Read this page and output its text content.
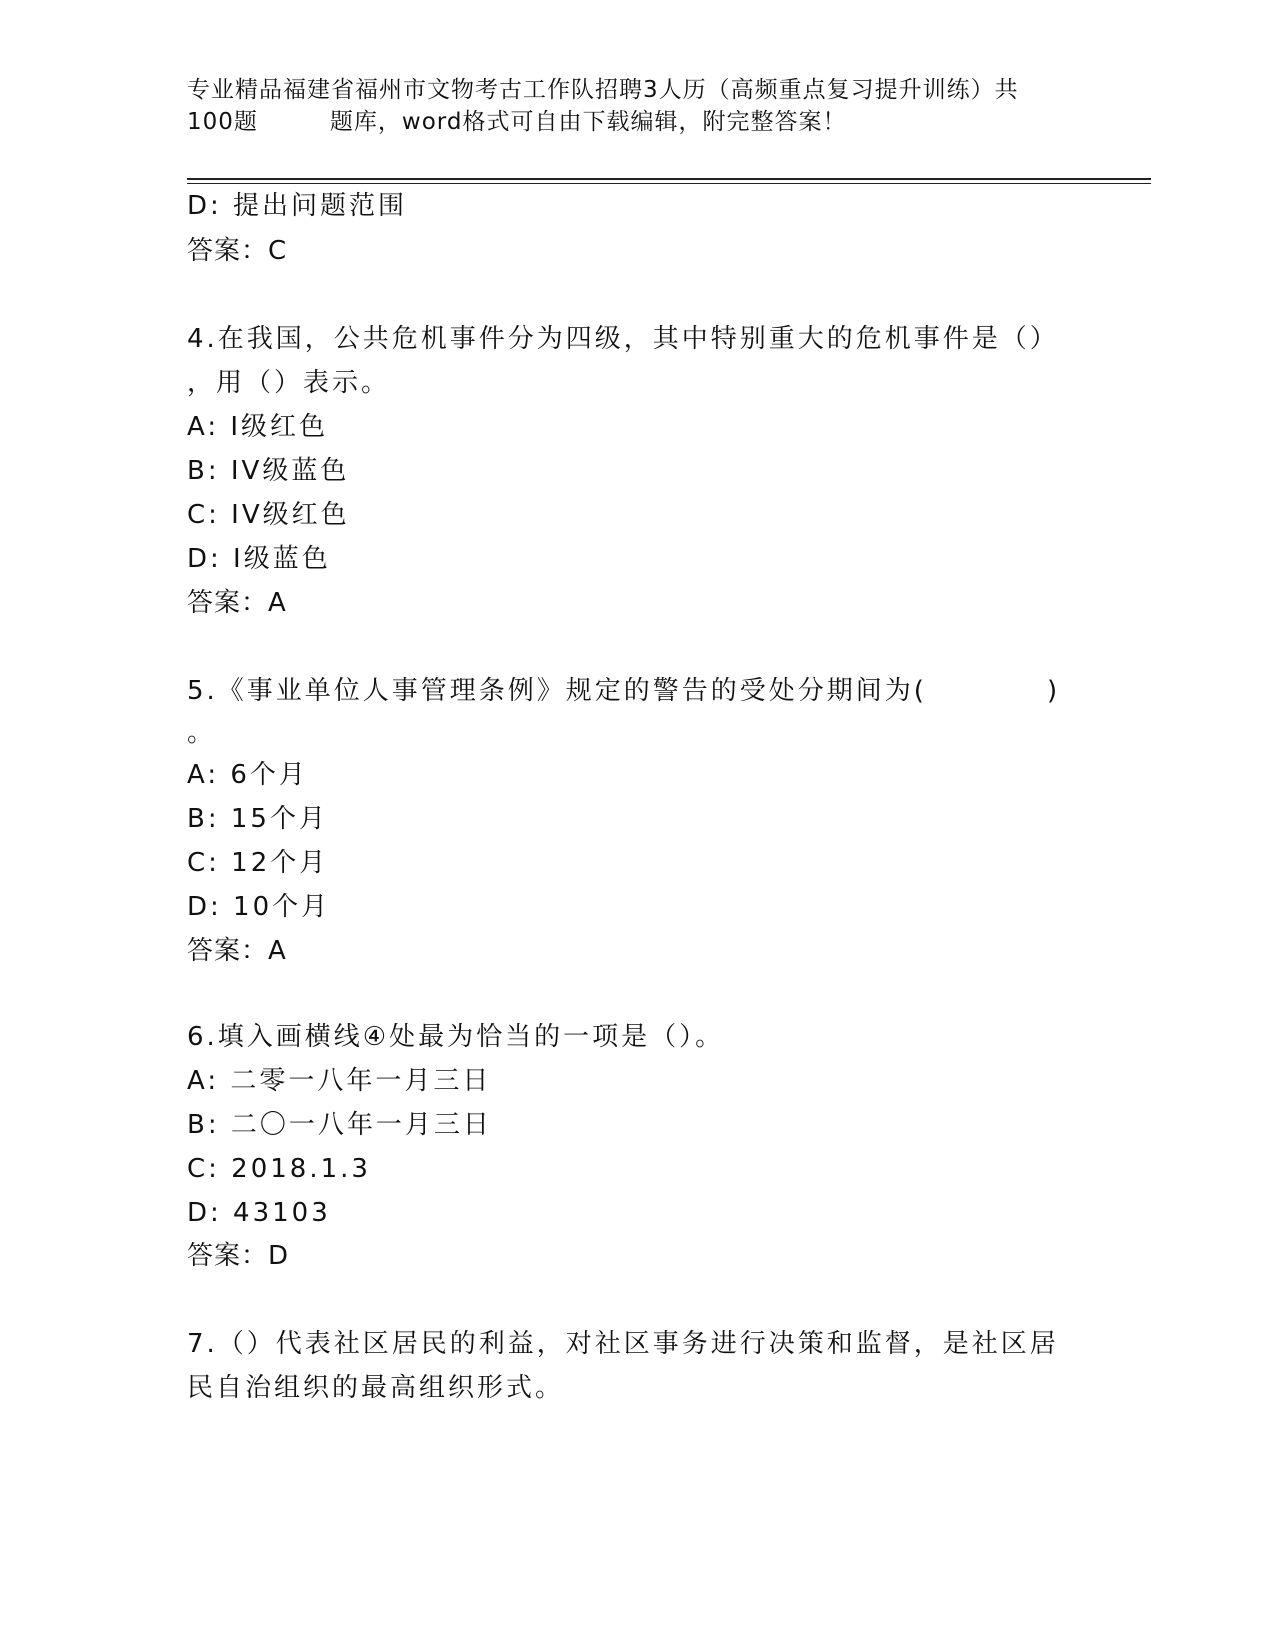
专业精品福建省福州市文物考古工作队招聘3人历（高频重点复习提升训练）共
100题	题库，word格式可自由下载编辑，附完整答案！
D: 提出问题范围
答案：C
4.在我国，公共危机事件分为四级，其中特别重大的危机事件是（）
，用（）表示。
A: I级红色
B: IV级蓝色
C: IV级红色
D: I级蓝色
答案：A
5.《事业单位人事管理条例》规定的警告的受处分期间为(	)
。
A: 6个月
B: 15个月
C: 12个月
D: 10个月
答案：A
6.填入画横线④处最为恰当的一项是（）。
A: 二零一八年一月三日
B: 二〇一八年一月三日
C: 2018.1.3
D: 43103
答案：D
7.（）代表社区居民的利益，对社区事务进行决策和监督，是社区居
民自治组织的最高组织形式。
